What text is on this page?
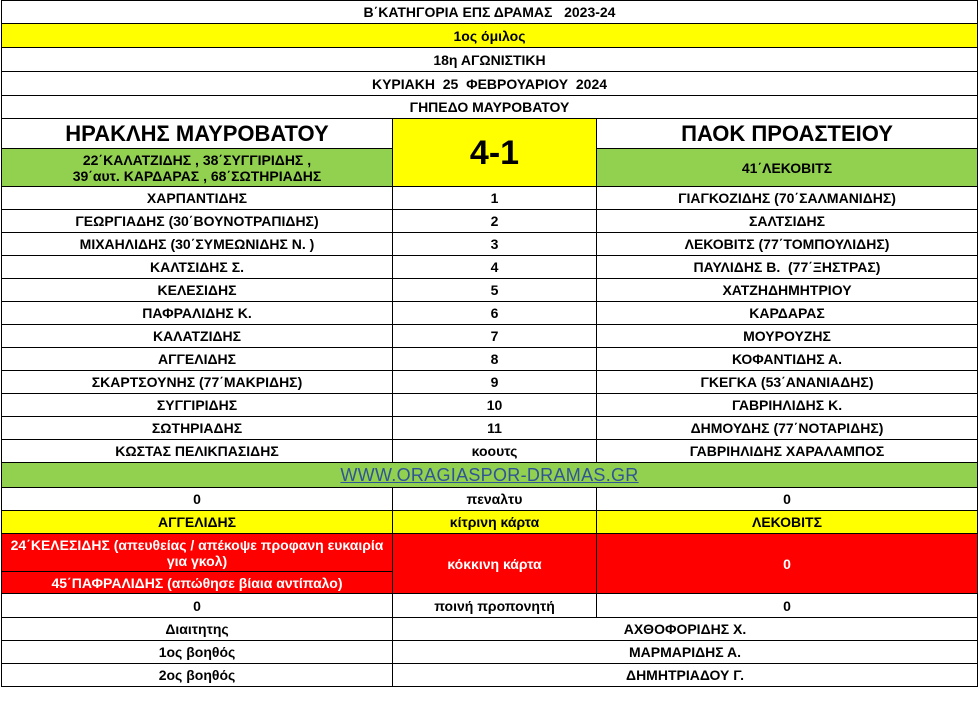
Β΄ΚΑΤΗΓΟΡΙΑ ΕΠΣ ΔΡΑΜΑΣ   2023-24		
1ος όμιλος		
18η ΑΓΩΝΙΣΤΙΚΗ		
ΚΥΡΙΑΚΗ  25  ΦΕΒΡΟΥΑΡΙΟΥ  2024		
ΓΗΠΕΔΟ ΜΑΥΡΟΒΑΤΟΥ		
ΗΡΑΚΛΗΣ ΜΑΥΡΟΒΑΤΟΥ	4-1	ΠΑΟΚ ΠΡΟΑΣΤΕΙΟΥ

22΄ΚΑΛΑΤΖΙΔΗΣ , 38΄ΣΥΓΓΙΡΙΔΗΣ ,
39΄αυτ. ΚΑΡΔΑΡΑΣ , 68΄ΣΩΤΗΡΙΑΔΗΣ		41΄ΛΕΚΟΒΙΤΣ
ΧΑΡΠΑΝΤΙΔΗΣ	1	ΓΙΑΓΚΟΖΙΔΗΣ (70΄ΣΑΛΜΑΝΙΔΗΣ)
ΓΕΩΡΓΙΑΔΗΣ (30΄ΒΟΥΝΟΤΡΑΠΙΔΗΣ)	2	ΣΑΛΤΣΙΔΗΣ
ΜΙΧΑΗΛΙΔΗΣ (30΄ΣΥΜΕΩΝΙΔΗΣ Ν. )	3	ΛΕΚΟΒΙΤΣ (77΄ΤΟΜΠΟΥΛΙΔΗΣ)
ΚΑΛΤΣΙΔΗΣ Σ.	4	ΠΑΥΛΙΔΗΣ Β.  (77΄ΞΗΣΤΡΑΣ)
ΚΕΛΕΣΙΔΗΣ	5	ΧΑΤΖΗΔΗΜΗΤΡΙΟΥ
ΠΑΦΡΑΛΙΔΗΣ Κ.	6	ΚΑΡΔΑΡΑΣ
ΚΑΛΑΤΖΙΔΗΣ	7	ΜΟΥΡΟΥΖΗΣ
ΑΓΓΕΛΙΔΗΣ	8	ΚΟΦΑΝΤΙΔΗΣ Α.
ΣΚΑΡΤΣΟΥΝΗΣ (77΄ΜΑΚΡΙΔΗΣ)	9	ΓΚΕΓΚΑ (53΄ΑΝΑΝΙΑΔΗΣ)
ΣΥΓΓΙΡΙΔΗΣ	10	ΓΑΒΡΙΗΛΙΔΗΣ Κ.
ΣΩΤΗΡΙΑΔΗΣ	11	ΔΗΜΟΥΔΗΣ (77΄ΝΟΤΑΡΙΔΗΣ)
ΚΩΣΤΑΣ ΠΕΛΙΚΠΑΣΙΔΗΣ	κοουτς	ΓΑΒΡΙΗΛΙΔΗΣ ΧΑΡΑΛΑΜΠΟΣ
WWW.ORAGIASPOR-DRAMAS.GR		
0	πεναλτυ	0
ΑΓΓΕΛΙΔΗΣ	κίτρινη κάρτα	ΛΕΚΟΒΙΤΣ
24΄ΚΕΛΕΣΙΔΗΣ (απευθείας / απέκοψε προφανη ευκαιρία για γκολ)	κόκκινη κάρτα	0
45΄ΠΑΦΡΑΛΙΔΗΣ (απώθησε βίαια αντίπαλο)		
0	ποινή προπονητή	0
Διαιτητης	ΑΧΘΟΦΟΡΙΔΗΣ Χ.	
1ος βοηθός	ΜΑΡΜΑΡΙΔΗΣ Α.	
2ος βοηθός	ΔΗΜΗΤΡΙΑΔΟΥ Γ.	
